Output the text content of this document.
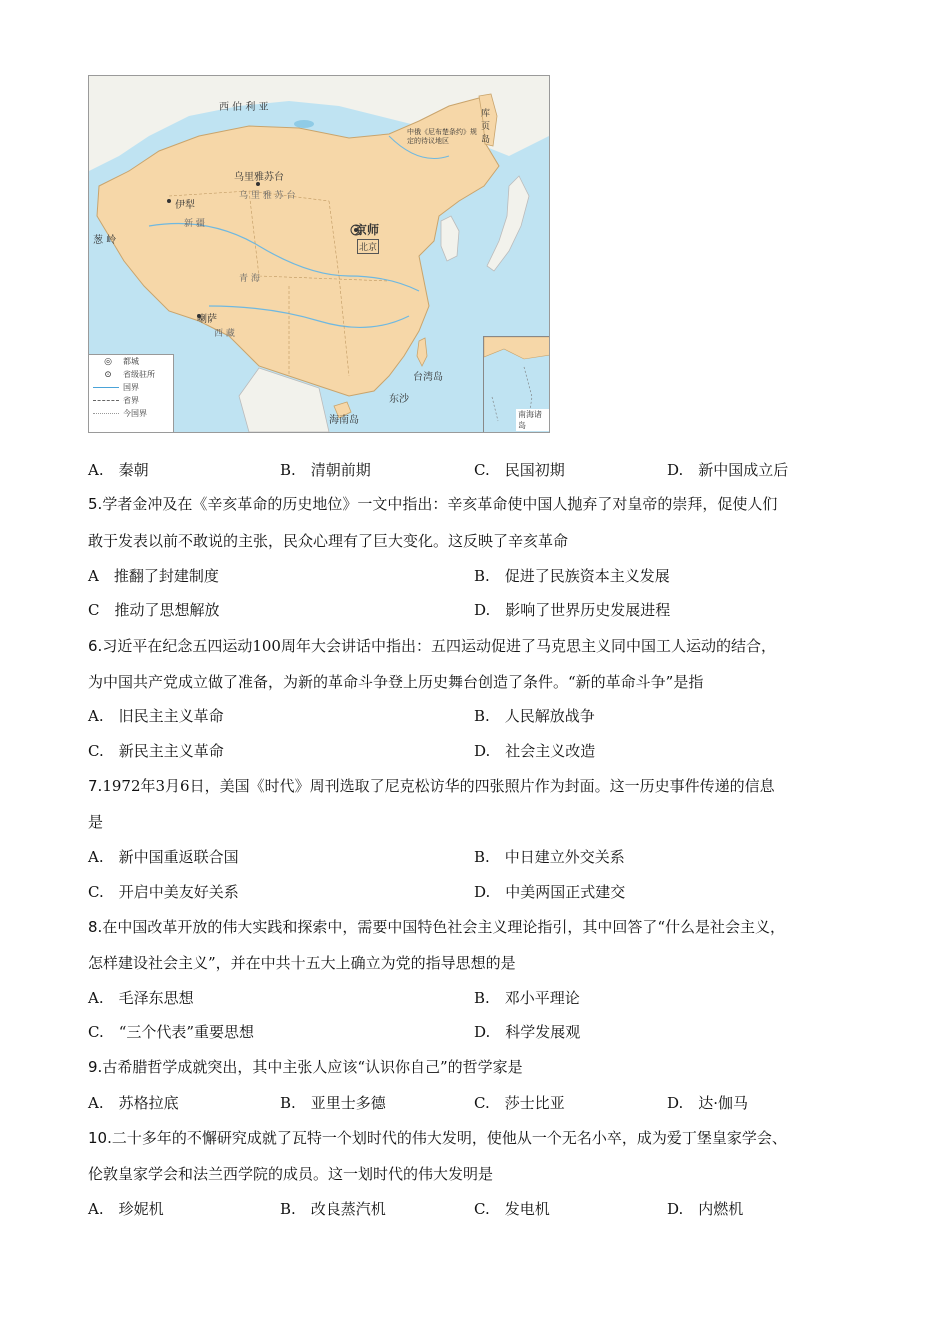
西 伯 利 亚
库 页 岛
中俄《尼布楚条约》规定的待议地区
乌里雅苏台
乌 里 雅 苏 台
伊犁
葱 岭
新 疆	京师
北京
青 海
喇萨
西 藏
台湾岛
东沙
海南岛
◎	都城
⊙	省级驻所
国界
省界
今国界	南海诸岛
A.　秦朝	B.　清朝前期	C.　民国初期	D.　新中国成立后
5.学者金冲及在《辛亥革命的历史地位》一文中指出：辛亥革命使中国人抛弃了对皇帝的崇拜，促使人们
敢于发表以前不敢说的主张，民众心理有了巨大变化。这反映了辛亥革命
A　推翻了封建制度	B.　促进了民族资本主义发展
C　推动了思想解放	D.　影响了世界历史发展进程
6.习近平在纪念五四运动100周年大会讲话中指出：五四运动促进了马克思主义同中国工人运动的结合，
为中国共产党成立做了准备，为新的革命斗争登上历史舞台创造了条件。“新的革命斗争”是指
A.　旧民主主义革命	B.　人民解放战争
C.　新民主主义革命	D.　社会主义改造
7.1972年3月6日，美国《时代》周刊选取了尼克松访华的四张照片作为封面。这一历史事件传递的信息
是
A.　新中国重返联合国	B.　中日建立外交关系
C.　开启中美友好关系	D.　中美两国正式建交
8.在中国改革开放的伟大实践和探索中，需要中国特色社会主义理论指引，其中回答了“什么是社会主义，
怎样建设社会主义”，并在中共十五大上确立为党的指导思想的是
A.　毛泽东思想	B.　邓小平理论
C.　“三个代表”重要思想	D.　科学发展观
9.古希腊哲学成就突出，其中主张人应该“认识你自己”的哲学家是
A.　苏格拉底	B.　亚里士多德	C.　莎士比亚	D.　达·伽马
10.二十多年的不懈研究成就了瓦特一个划时代的伟大发明，使他从一个无名小卒，成为爱丁堡皇家学会、
伦敦皇家学会和法兰西学院的成员。这一划时代的伟大发明是
A.　珍妮机	B.　改良蒸汽机	C.　发电机	D.　内燃机
